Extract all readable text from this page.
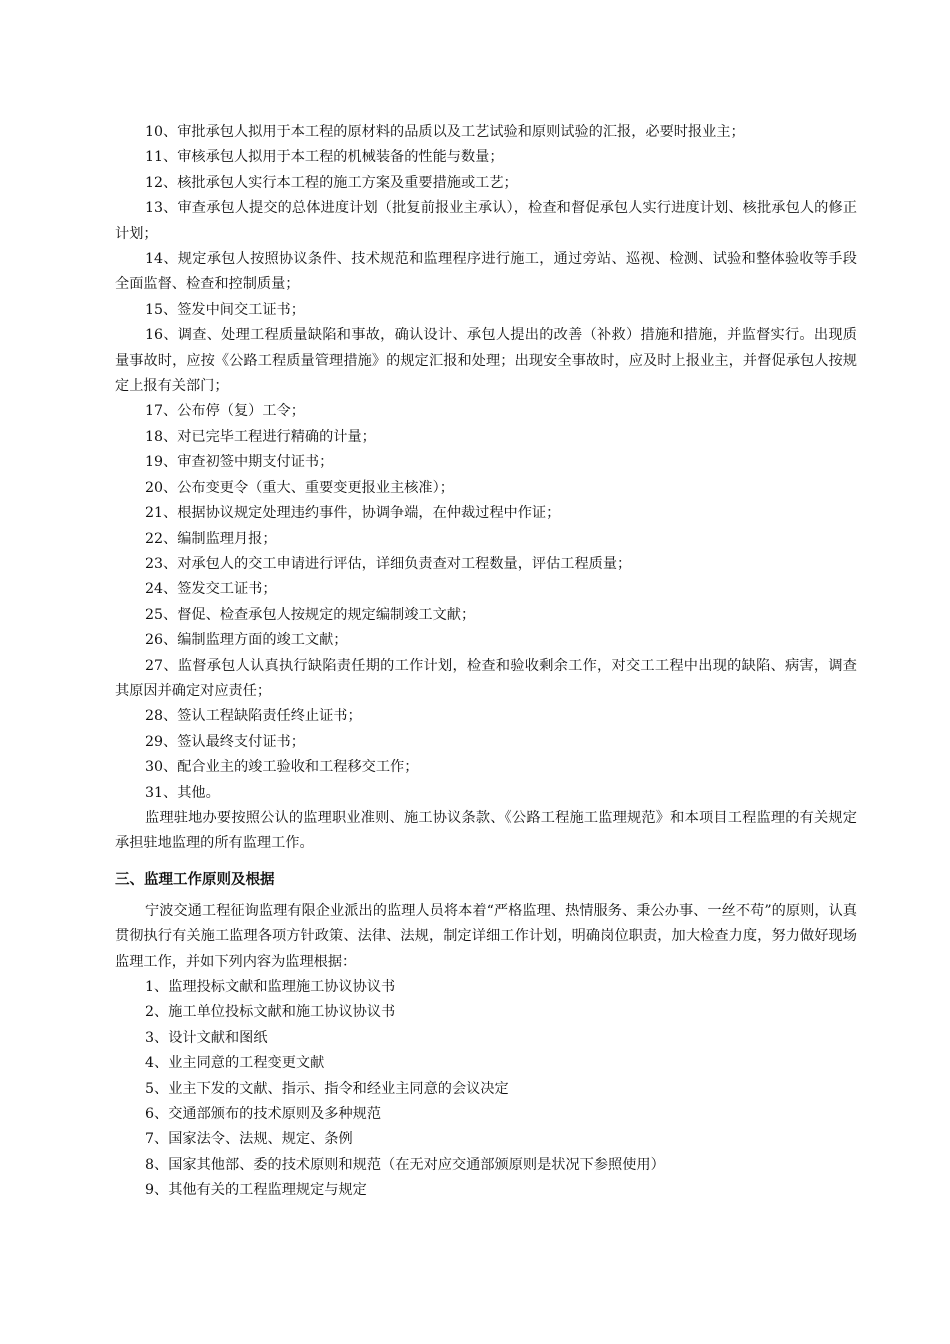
10、审批承包人拟用于本工程的原材料的品质以及工艺试验和原则试验的汇报，必要时报业主；

11、审核承包人拟用于本工程的机械装备的性能与数量；

12、核批承包人实行本工程的施工方案及重要措施或工艺；

13、审查承包人提交的总体进度计划（批复前报业主承认），检查和督促承包人实行进度计划、核批承包人的修正计划；

14、规定承包人按照协议条件、技术规范和监理程序进行施工，通过旁站、巡视、检测、试验和整体验收等手段全面监督、检查和控制质量；

15、签发中间交工证书；

16、调查、处理工程质量缺陷和事故，确认设计、承包人提出的改善（补救）措施和措施，并监督实行。出现质量事故时，应按《公路工程质量管理措施》的规定汇报和处理；出现安全事故时，应及时上报业主，并督促承包人按规定上报有关部门；

17、公布停（复）工令；

18、对已完毕工程进行精确的计量；

19、审查初签中期支付证书；

20、公布变更令（重大、重要变更报业主核准）；

21、根据协议规定处理违约事件，协调争端，在仲裁过程中作证；

22、编制监理月报；

23、对承包人的交工申请进行评估，详细负责查对工程数量，评估工程质量；

24、签发交工证书；

25、督促、检查承包人按规定的规定编制竣工文献；

26、编制监理方面的竣工文献；

27、监督承包人认真执行缺陷责任期的工作计划，检查和验收剩余工作，对交工工程中出现的缺陷、病害，调查其原因并确定对应责任；

28、签认工程缺陷责任终止证书；

29、签认最终支付证书；

30、配合业主的竣工验收和工程移交工作；

31、其他。

监理驻地办要按照公认的监理职业准则、施工协议条款、《公路工程施工监理规范》和本项目工程监理的有关规定承担驻地监理的所有监理工作。

三、监理工作原则及根据

宁波交通工程征询监理有限企业派出的监理人员将本着“严格监理、热情服务、秉公办事、一丝不苟”的原则，认真贯彻执行有关施工监理各项方针政策、法律、法规，制定详细工作计划，明确岗位职责，加大检查力度，努力做好现场监理工作，并如下列内容为监理根据：

1、监理投标文献和监理施工协议协议书

2、施工单位投标文献和施工协议协议书

3、设计文献和图纸

4、业主同意的工程变更文献

5、业主下发的文献、指示、指令和经业主同意的会议决定

6、交通部颁布的技术原则及多种规范

7、国家法令、法规、规定、条例

8、国家其他部、委的技术原则和规范（在无对应交通部颁原则是状况下参照使用）

9、其他有关的工程监理规定与规定
